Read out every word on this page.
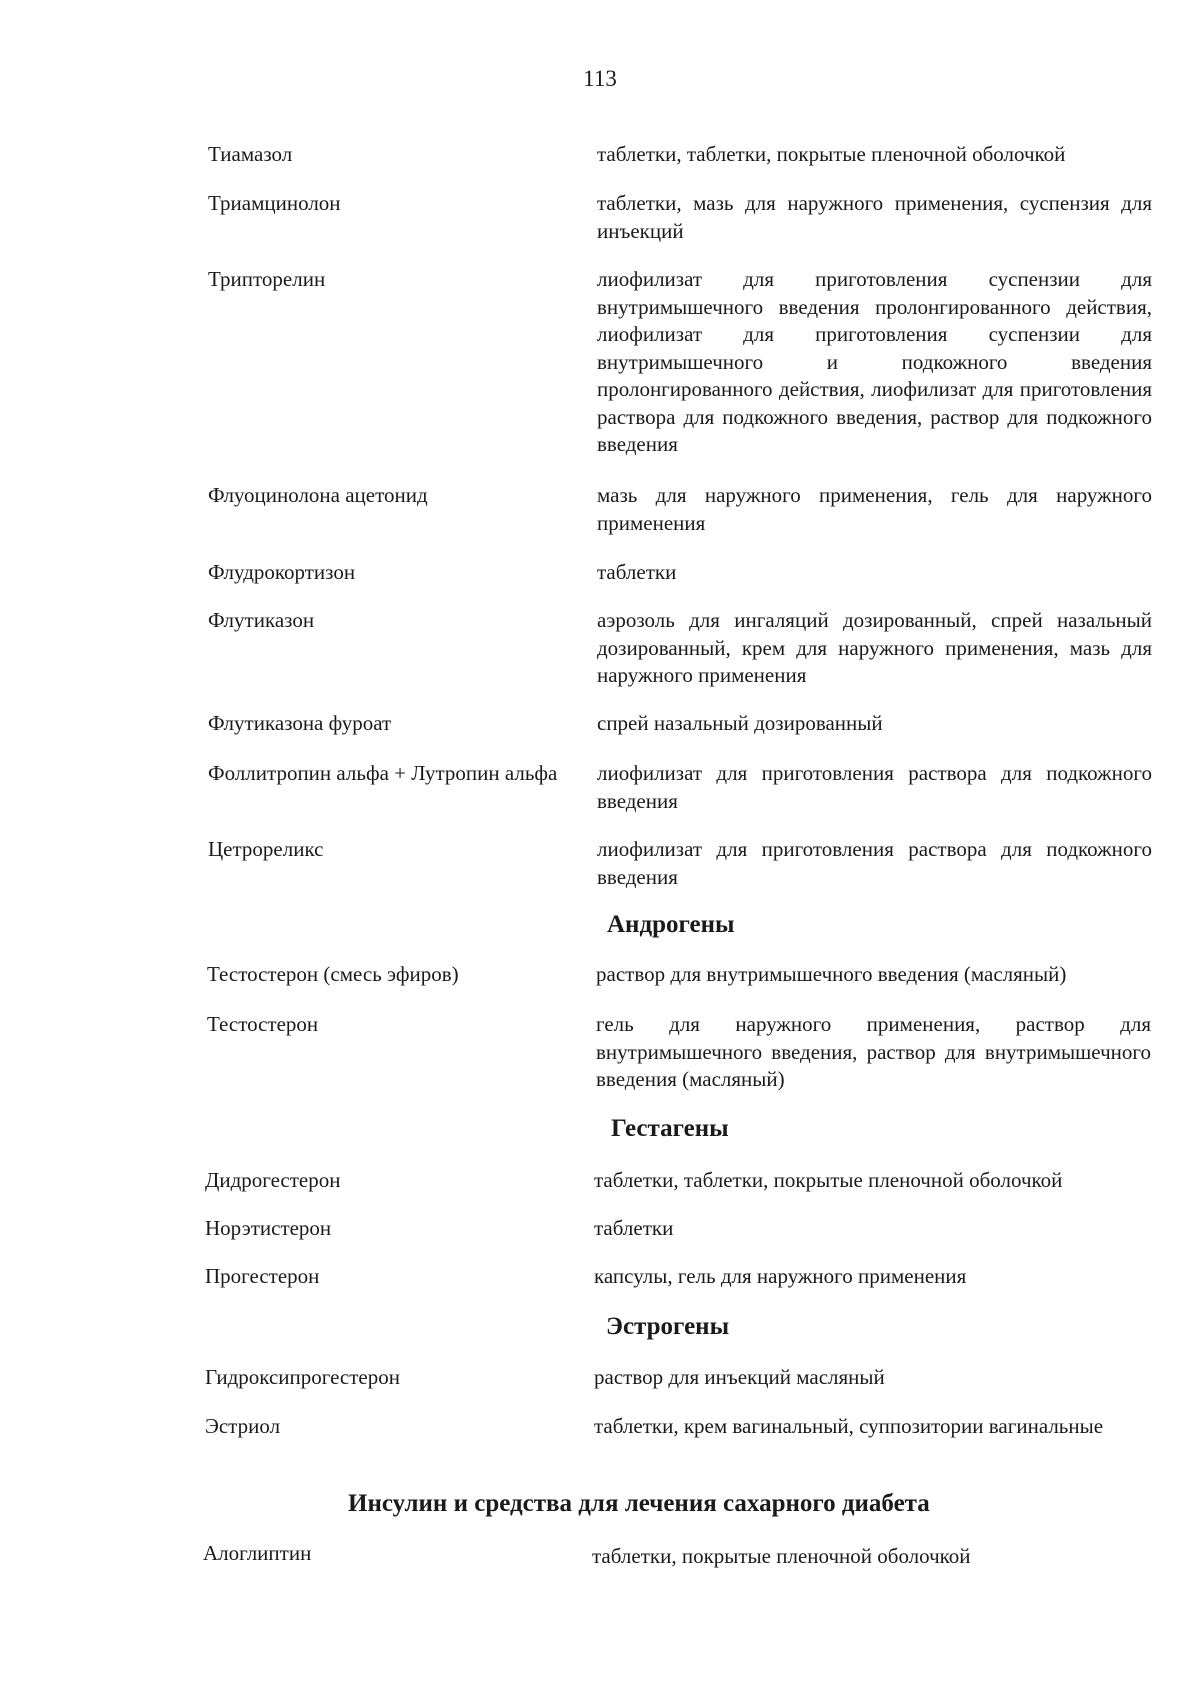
113
Тиамазол	таблетки, таблетки, покрытые пленочной оболочкой
Триамцинолон	таблетки, мазь для наружного применения, суспензия для инъекций
Трипторелин	лиофилизат для приготовления суспензии для внутримышечного введения пролонгированного действия, лиофилизат для приготовления суспензии для внутримышечного и подкожного введения пролонгированного действия, лиофилизат для приготовления раствора для подкожного введения, раствор для подкожного введения
Флуоцинолона ацетонид	мазь для наружного применения, гель для наружного применения
Флудрокортизон	таблетки
Флутиказон	аэрозоль для ингаляций дозированный, спрей назальный дозированный, крем для наружного применения, мазь для наружного применения
Флутиказона фуроат	спрей назальный дозированный
Фоллитропин альфа + Лутропин альфа	лиофилизат для приготовления раствора для подкожного введения
Цетрореликс	лиофилизат для приготовления раствора для подкожного введения
Андрогены
Тестостерон (смесь эфиров)	раствор для внутримышечного введения (масляный)
Тестостерон	гель для наружного применения, раствор для внутримышечного введения, раствор для внутримышечного введения (масляный)
Гестагены
Дидрогестерон	таблетки, таблетки, покрытые пленочной оболочкой
Норэтистерон	таблетки
Прогестерон	капсулы, гель для наружного применения
Эстрогены
Гидроксипрогестерон	раствор для инъекций масляный
Эстриол	таблетки, крем вагинальный, суппозитории вагинальные
Инсулин и средства для лечения сахарного диабета
Алоглиптин	таблетки, покрытые пленочной оболочкой
